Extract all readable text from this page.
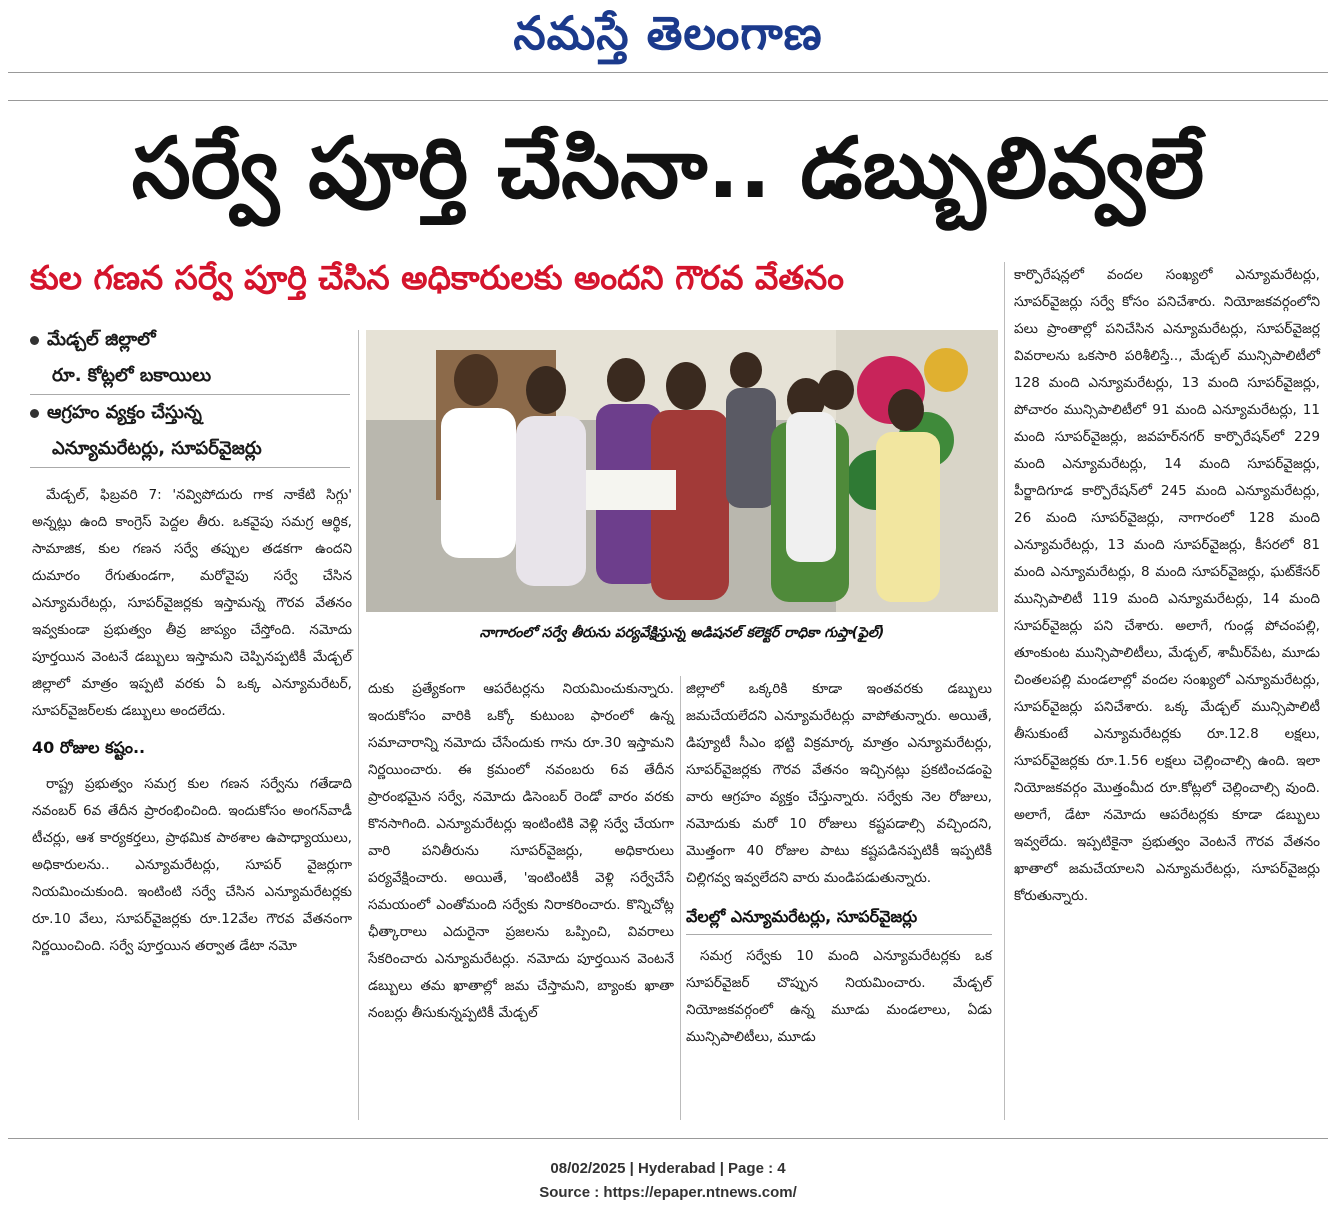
నమస్తే తెలంగాణ
సర్వే పూర్తి చేసినా.. డబ్బులివ్వలే
కుల గణన సర్వే పూర్తి చేసిన అధికారులకు అందని గౌరవ వేతనం
మేడ్చల్ జిల్లాలో
రూ. కోట్లలో బకాయిలు
ఆగ్రహం వ్యక్తం చేస్తున్న
ఎన్యూమరేటర్లు, సూపర్‌వైజర్లు

మేడ్చల్, ఫిబ్రవరి 7: 'నవ్విపోదురు గాక నాకేటి సిగ్గు' అన్నట్లు ఉంది కాంగ్రెస్ పెద్దల తీరు. ఒకవైపు సమగ్ర ఆర్థిక, సామాజిక, కుల గణన సర్వే తప్పుల తడకగా ఉందని దుమారం రేగుతుండగా, మరోవైపు సర్వే చేసిన ఎన్యూమరేటర్లు, సూపర్‌వైజర్లకు ఇస్తామన్న గౌరవ వేతనం ఇవ్వకుండా ప్రభుత్వం తీవ్ర జాప్యం చేస్తోంది. నమోదు పూర్తయిన వెంటనే డబ్బులు ఇస్తామని చెప్పినప్పటికీ మేడ్చల్ జిల్లాలో మాత్రం ఇప్పటి వరకు ఏ ఒక్క ఎన్యూమరేటర్, సూపర్‌వైజర్‌లకు డబ్బులు అందలేదు.

40 రోజుల కష్టం..

రాష్ట్ర ప్రభుత్వం సమగ్ర కుల గణన సర్వేను గతేడాది నవంబర్ 6వ తేదీన ప్రారంభించింది. ఇందుకోసం అంగన్‌వాడీ టీచర్లు, ఆశ కార్యకర్తలు, ప్రాథమిక పాఠశాల ఉపాధ్యాయులు, అధికారులను.. ఎన్యూమరేటర్లు, సూపర్ వైజర్లుగా నియమించుకుంది. ఇంటింటి సర్వే చేసిన ఎన్యూమరేటర్లకు రూ.10 వేలు, సూపర్‌వైజర్లకు రూ.12వేల గౌరవ వేతనంగా నిర్ణయించింది. సర్వే పూర్తయిన తర్వాత డేటా నమో

నాగారంలో సర్వే తీరును పర్యవేక్షిస్తున్న అడిషనల్ కలెక్టర్ రాధికా గుప్తా(ఫైల్)

దుకు ప్రత్యేకంగా ఆపరేటర్లను నియమించుకున్నారు. ఇందుకోసం వారికి ఒక్కో కుటుంబ ఫారంలో ఉన్న సమాచారాన్ని నమోదు చేసేందుకు గాను రూ.30 ఇస్తామని నిర్ణయించారు. ఈ క్రమంలో నవంబరు 6వ తేదీన ప్రారంభమైన సర్వే, నమోదు డిసెంబర్ రెండో వారం వరకు కొనసాగింది. ఎన్యూమరేటర్లు ఇంటింటికి వెళ్లి సర్వే చేయగా వారి పనితీరును సూపర్‌వైజర్లు, అధికారులు పర్యవేక్షించారు. అయితే, 'ఇంటింటికీ వెళ్లి సర్వేచేసే సమయంలో ఎంతోమంది సర్వేకు నిరాకరించారు. కొన్నిచోట్ల ఛీత్కారాలు ఎదురైనా ప్రజలను ఒప్పించి, వివరాలు సేకరించారు ఎన్యూమరేటర్లు. నమోదు పూర్తయిన వెంటనే డబ్బులు తమ ఖాతాల్లో జమ చేస్తామని, బ్యాంకు ఖాతా నంబర్లు తీసుకున్నప్పటికీ మేడ్చల్

జిల్లాలో ఒక్కరికి కూడా ఇంతవరకు డబ్బులు జమచేయలేదని ఎన్యూమరేటర్లు వాపోతున్నారు. అయితే, డిప్యూటీ సీఎం భట్టి విక్రమార్క మాత్రం ఎన్యూమరేటర్లు, సూపర్‌వైజర్లకు గౌరవ వేతనం ఇచ్చినట్లు ప్రకటించడంపై వారు ఆగ్రహం వ్యక్తం చేస్తున్నారు. సర్వేకు నెల రోజులు, నమోదుకు మరో 10 రోజులు కష్టపడాల్సి వచ్చిందని, మొత్తంగా 40 రోజుల పాటు కష్టపడినప్పటికీ ఇప్పటికీ చిల్లిగవ్వ ఇవ్వలేదని వారు మండిపడుతున్నారు.

వేలల్లో ఎన్యూమరేటర్లు, సూపర్‌వైజర్లు

సమగ్ర సర్వేకు 10 మంది ఎన్యూమరేటర్లకు ఒక సూపర్‌వైజర్ చొప్పున నియమించారు. మేడ్చల్ నియోజకవర్గంలో ఉన్న మూడు మండలాలు, ఏడు మున్సిపాలిటీలు, మూడు

కార్పొరేషన్లలో వందల సంఖ్యలో ఎన్యూమరేటర్లు, సూపర్‌వైజర్లు సర్వే కోసం పనిచేశారు. నియోజకవర్గంలోని పలు ప్రాంతాల్లో పనిచేసిన ఎన్యూమరేటర్లు, సూపర్‌వైజర్ల వివరాలను ఒకసారి పరిశీలిస్తే.., మేడ్చల్ మున్సిపాలిటీలో 128 మంది ఎన్యూమరేటర్లు, 13 మంది సూపర్‌వైజర్లు, పోచారం మున్సిపాలిటీలో 91 మంది ఎన్యూమరేటర్లు, 11 మంది సూపర్‌వైజర్లు, జవహర్‌నగర్ కార్పొరేషన్‌లో 229 మంది ఎన్యూమరేటర్లు, 14 మంది సూపర్‌వైజర్లు, పీర్జాదిగూడ కార్పొరేషన్‌లో 245 మంది ఎన్యూమరేటర్లు, 26 మంది సూపర్‌వైజర్లు, నాగారంలో 128 మంది ఎన్యూమరేటర్లు, 13 మంది సూపర్‌వైజర్లు, కీసరలో 81 మంది ఎన్యూమరేటర్లు, 8 మంది సూపర్‌వైజర్లు, ఘట్‌కేసర్ మున్సిపాలిటీ 119 మంది ఎన్యూమరేటర్లు, 14 మంది సూపర్‌వైజర్లు పని చేశారు. అలాగే, గుండ్ల పోచంపల్లి, తూంకుంట మున్సిపాలిటీలు, మేడ్చల్, శామీర్‌పేట, మూడు చింతలపల్లి మండలాల్లో వందల సంఖ్యలో ఎన్యూమరేటర్లు, సూపర్‌వైజర్లు పనిచేశారు. ఒక్క మేడ్చల్ మున్సిపాలిటీ తీసుకుంటే ఎన్యూమరేటర్లకు రూ.12.8 లక్షలు, సూపర్‌వైజర్లకు రూ.1.56 లక్షలు చెల్లించాల్సి ఉంది. ఇలా నియోజకవర్గం మొత్తంమీద రూ.కోట్లలో చెల్లించాల్సి వుంది. అలాగే, డేటా నమోదు ఆపరేటర్లకు కూడా డబ్బులు ఇవ్వలేదు. ఇప్పటికైనా ప్రభుత్వం వెంటనే గౌరవ వేతనం ఖాతాలో జమచేయాలని ఎన్యూమరేటర్లు, సూపర్‌వైజర్లు కోరుతున్నారు.

08/02/2025 | Hyderabad | Page : 4
Source : https://epaper.ntnews.com/
